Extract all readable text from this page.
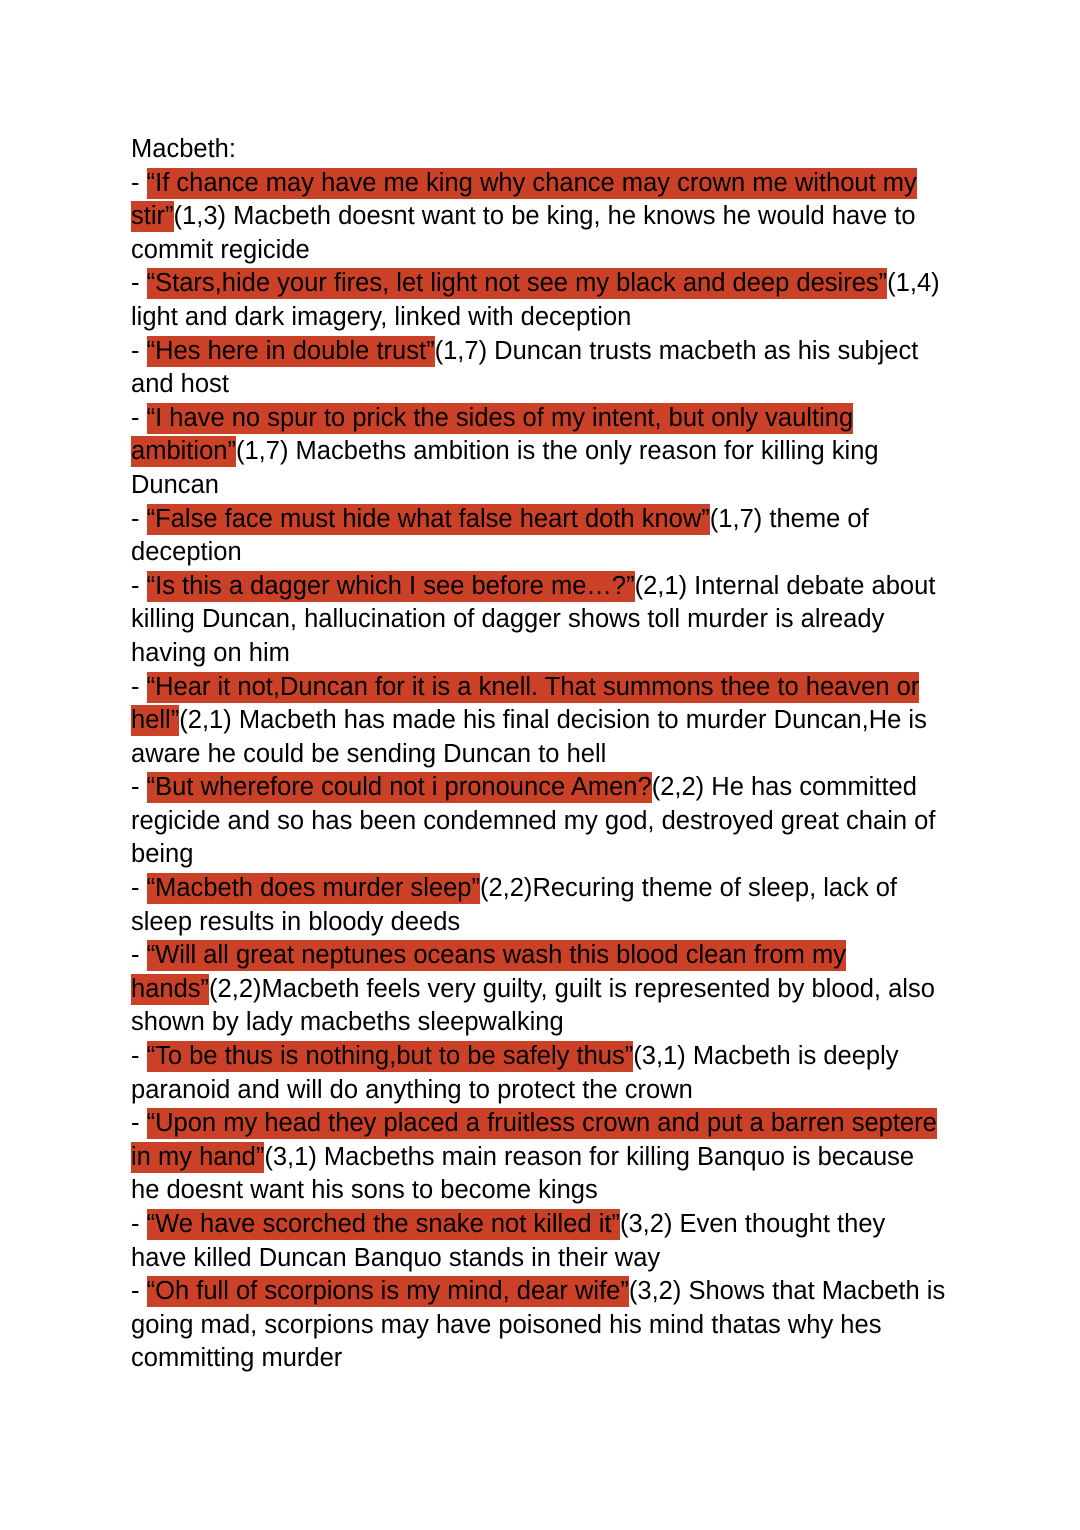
Macbeth:
- “If chance may have me king why chance may crown me without my stir”(1,3) Macbeth doesnt want to be king, he knows he would have to commit regicide
- “Stars,hide your fires, let light not see my black and deep desires”(1,4) light and dark imagery, linked with deception
- “Hes here in double trust”(1,7) Duncan trusts macbeth as his subject and host
- “I have no spur to prick the sides of my intent, but only vaulting ambition”(1,7) Macbeths ambition is the only reason for killing king Duncan
- “False face must hide what false heart doth know”(1,7) theme of deception
- “Is this a dagger which I see before me…?”(2,1) Internal debate about killing Duncan, hallucination of dagger shows toll murder is already having on him
- “Hear it not,Duncan for it is a knell. That summons thee to heaven or hell”(2,1) Macbeth has made his final decision to murder Duncan,He is aware he could be sending Duncan to hell
- “But wherefore could not i pronounce Amen?(2,2) He has committed regicide and so has been condemned my god, destroyed great chain of being
- “Macbeth does murder sleep”(2,2)Recuring theme of sleep, lack of sleep results in bloody deeds
- “Will all great neptunes oceans wash this blood clean from my hands”(2,2)Macbeth feels very guilty, guilt is represented by blood, also shown by lady macbeths sleepwalking
- “To be thus is nothing,but to be safely thus”(3,1) Macbeth is deeply paranoid and will do anything to protect the crown
- “Upon my head they placed a fruitless crown and put a barren septere in my hand”(3,1) Macbeths main reason for killing Banquo is because he doesnt want his sons to become kings
- “We have scorched the snake not killed it”(3,2) Even thought they have killed Duncan Banquo stands in their way
- “Oh full of scorpions is my mind, dear wife”(3,2) Shows that Macbeth is going mad, scorpions may have poisoned his mind thatas why hes committing murder
